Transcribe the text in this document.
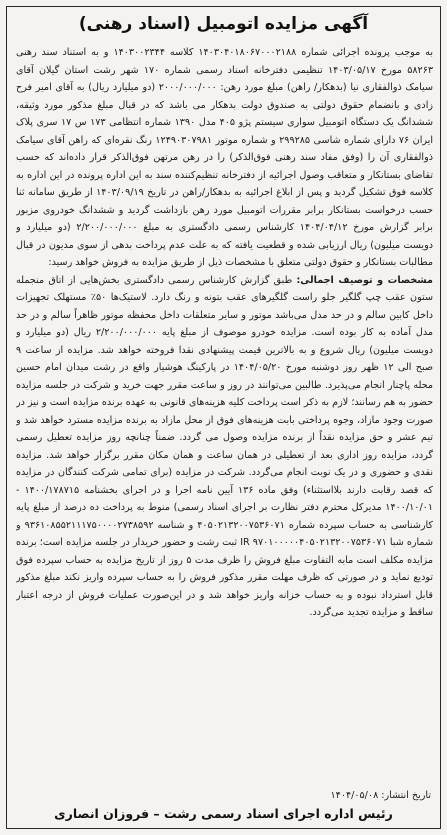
آگهی مزایده اتومبیل (اسناد رهنی)

به موجب پرونده اجرائی شماره ۱۴۰۳۰۴۰۱۸۰۶۷۰۰۰۲۱۸۸ کلاسه ۱۴۰۳۰۰۲۳۴۴ و به استناد سند رهنی ۵۸۲۶۳ مورخ ۱۴۰۳/۰۵/۱۷ تنظیمی دفترخانه اسناد رسمی شماره ۱۷۰ شهر رشت استان گیلان آقای سیامک ذوالفقاری نیا (بدهکار/ راهن) مبلغ مورد رهن: ۲۰۰۰/۰۰۰/۰۰۰ (دو میلیارد ریال) به آقای امیر فرح زادی و بانضمام حقوق دولتی به صندوق دولت بدهکار می باشد که در قبال مبلغ مذکور مورد وثیقه، ششدانگ یک دستگاه اتومبیل سواری سیستم پژو ۴۰۵ مدل ۱۳۹۰ شماره انتظامی ۱۷۳ س ۱۷ سری پلاک ایران ۷۶ دارای شماره شاسی ۲۹۹۲۸۵ و شماره موتور ۱۲۴۹۰۳۰۷۹۸۱ رنگ نقره‌ای که راهن آقای سیامک ذوالفقاری آن را (وفق مفاد سند رهنی فوق‌الذکر) را در رهن مرتهن فوق‌الذکر قرار داده‌اند که حسب تقاضای بستانکار و متعاقب وصول اجرائیه از دفترخانه تنظیم‌کننده سند به این اداره پرونده در این اداره به کلاسه فوق تشکیل گردید و پس از ابلاغ اجرائیه به بدهکار/راهن در تاریخ ۱۴۰۳/۰۹/۱۹ از طریق سامانه ثنا حسب درخواست بستانکار برابر مقررات اتومبیل مورد رهن بازداشت گردید و ششدانگ خودروی مزبور برابر گزارش مورخ ۱۴۰۴/۰۴/۱۲ کارشناس رسمی دادگستری به مبلغ ۲/۲۰۰/۰۰۰/۰۰۰ (دو میلیارد و دویست میلیون) ریال ارزیابی شده و قطعیت یافته که به علت عدم پرداخت بدهی از سوی مدیون در قبال مطالبات بستانکار و حقوق دولتی متعلق با مشخصات ذیل از طریق مزایده به فروش خواهد رسید:

مشخصات و توصیف اجمالی: طبق گزارش کارشناس رسمی دادگستری بخش‌هایی از اتاق منجمله ستون عقب چپ گلگیر جلو راست گلگیرهای عقب بتونه و رنگ دارد. لاستیک‌ها ۵۰٪ مستهلک تجهیزات داخل کابین سالم و در حد مدل می‌باشد موتور و سایر متعلقات داخل محفظه موتور ظاهراً سالم و در حد مدل آماده به کار بوده است. مزایده خودرو موصوف از مبلغ پایه ۲/۲۰۰/۰۰۰/۰۰۰ ریال (دو میلیارد و دویست میلیون) ریال شروع و به بالاترین قیمت پیشنهادی نقدا فروخته خواهد شد. مزایده از ساعت ۹ صبح الی ۱۲ ظهر روز دوشنبه مورخ ۱۴۰۴/۰۵/۲۰ در پارکینگ هوشیار واقع در رشت میدان امام حسین محله پاچنار انجام می‌پذیرد. طالبین می‌توانند در روز و ساعت مقرر جهت خرید و شرکت در جلسه مزایده حضور به هم رسانند؛ لازم به ذکر است پرداخت کلیه هزینه‌های قانونی به عهده برنده مزایده است و نیز در صورت وجود مازاد، وجوه پرداختی بابت هزینه‌های فوق از محل مازاد به برنده مزایده مسترد خواهد شد و تیم عشر و حق مزایده نقداً از برنده مزایده وصول می گردد. ضمناً چنانچه روز مزایده تعطیل رسمی گردد، مزایده روز اداری بعد از تعطیلی در همان ساعت و همان مکان مقرر برگزار خواهد شد. مزایده نقدی و حضوری و در یک نوبت انجام می‌گردد. شرکت در مزایده (برای تمامی شرکت کنندگان در مزایده که قصد رقابت دارند بلااستثناء) وفق ماده ۱۳۶ آیین نامه اجرا و در اجرای بخشنامه ۱۴۰۰/۱۷۸۷۱۵ - ۱۴۰۰/۱۰/۰۱ مدیرکل محترم دفتر نظارت بر اجرای اسناد رسمی) منوط به پرداخت ده درصد از مبلغ پایه کارشناسی به حساب سپرده شماره ۴۰۵۰۲۱۳۲۰۰۷۵۳۶۰۷۱ و شناسه ۹۳۶۱۰۸۵۵۲۱۱۱۷۵۰۰۰۰۲۷۳۸۵۹۲ و شماره شبا IR ۹۷۰۱۰۰۰۰۰۴۰۵۰۲۱۳۲۰۰۷۵۳۶۰۷۱ ثبت رشت و حضور خریدار در جلسه مزایده است؛ برنده مزایده مکلف است مابه التفاوت مبلغ فروش را ظرف مدت ۵ روز از تاریخ مزایده به حساب سپرده فوق تودیع نماید و در صورتی که ظرف مهلت مقرر مذکور فروش را به حساب سپرده واریز نکند مبلغ مذکور قابل استرداد نبوده و به حساب خزانه واریز خواهد شد و در این‌صورت عملیات فروش از درجه اعتبار ساقط و مزایده تجدید می‌گردد.

تاریخ انتشار: ۱۴۰۴/۰۵/۰۸
رئیس اداره اجرای اسناد رسمی رشت – فروزان انصاری
